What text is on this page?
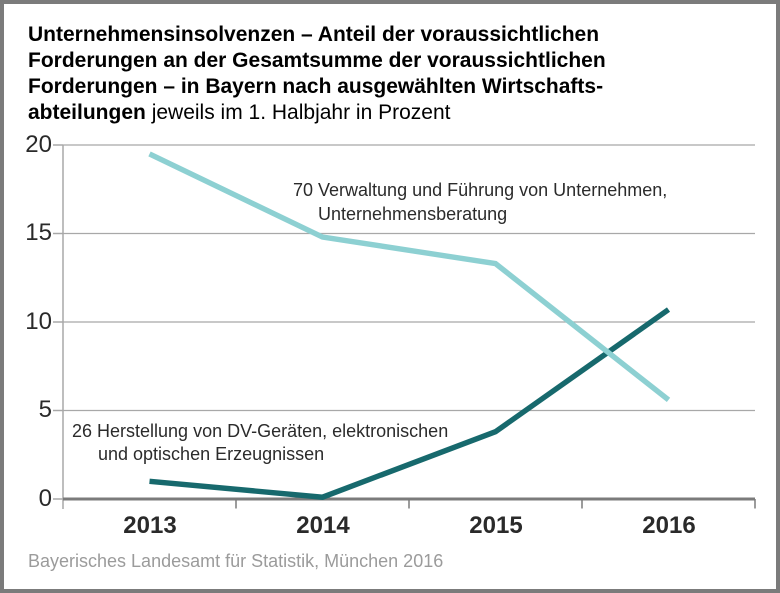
Unternehmensinsolvenzen – Anteil der voraussichtlichen
Forderungen an der Gesamtsumme der voraussichtlichen
Forderungen – in Bayern nach ausgewählten Wirtschafts-
abteilungen jeweils im 1. Halbjahr in Prozent
20
15
10
5
0
2013	2014	2015	2016
70 Verwaltung und Führung von Unternehmen,
Unternehmensberatung
26 Herstellung von DV-Geräten, elektronischen
und optischen Erzeugnissen
Bayerisches Landesamt für Statistik, München 2016
